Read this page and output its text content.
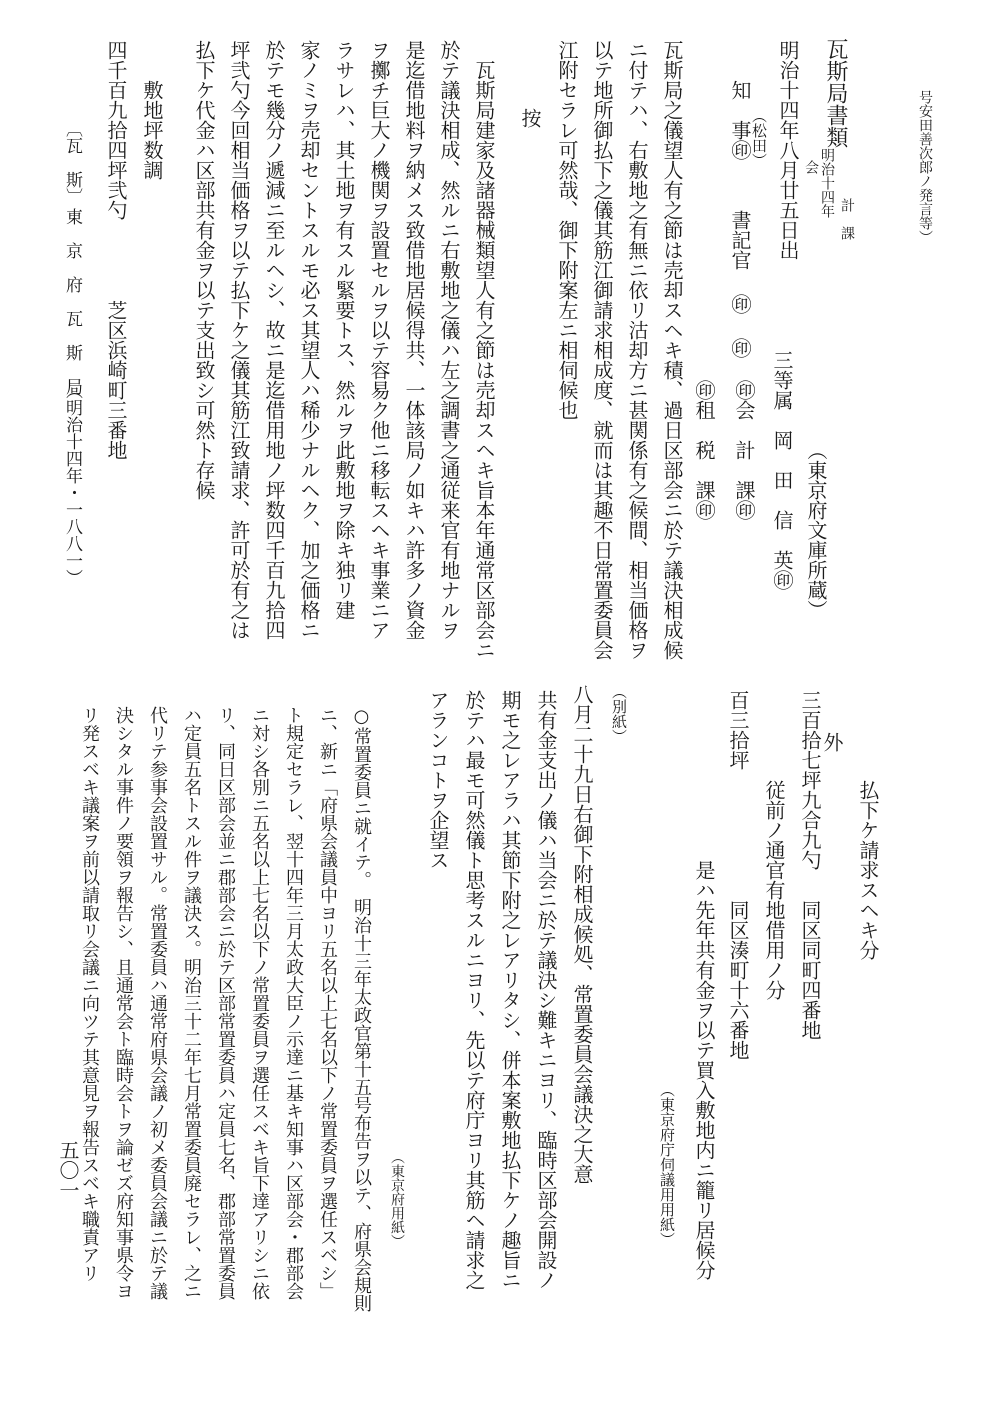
号安田善次郎ノ発言等）
瓦斯局書類
明治十四年
会
計　課
明治十四年八月廿五日出
知　事㊞
（松田）
書記官 ㊞ ㊞
三等属　岡　田　信　英㊞
㊞会　計　課㊞
㊞租　税　課㊞	（東京府文庫所蔵）
瓦斯局之儀望人有之節は売却スヘキ積、過日区部会ニ於テ議決相成候
ニ付テハ、右敷地之有無ニ依リ沽却方ニ甚関係有之候間、相当価格ヲ
以テ地所御払下之儀其筋江御請求相成度、就而は其趣不日常置委員会
江附セラレ可然哉、御下附案左ニ相伺候也
按
瓦斯局建家及諸器械類望人有之節は売却スヘキ旨本年通常区部会ニ
於テ議決相成、然ルニ右敷地之儀ハ左之調書之通従来官有地ナルヲ
是迄借地料ヲ納メス致借地居候得共、一体該局ノ如キハ許多ノ資金
ヲ擲チ巨大ノ機関ヲ設置セルヲ以テ容易ク他ニ移転スヘキ事業ニア
ラサレハ、其土地ヲ有スル緊要トス、然ルヲ此敷地ヲ除キ独リ建
家ノミヲ売却セントスルモ必ス其望人ハ稀少ナルヘク、加之価格ニ
於テモ幾分ノ遞減ニ至ルヘシ、故ニ是迄借用地ノ坪数四千百九拾四
坪弐勺今回相当価格ヲ以テ払下ケ之儀其筋江致請求、許可於有之は
払下ケ代金ハ区部共有金ヲ以テ支出致シ可然ト存候
敷地坪数調
四千百九拾四坪弐勺
芝区浜崎町三番地
〔瓦　斯〕
東　京　府　瓦　斯　局
（明治十四年・一八八一）
払下ケ請求スヘキ分
外
三百拾七坪九合九勺
同区同町四番地
従前ノ通官有地借用ノ分
百三拾坪
同区湊町十六番地
是ハ先年共有金ヲ以テ買入敷地内ニ籠リ居候分
（東京府庁伺議用用紙）
（別紙）
八月二十九日右御下附相成候処、常置委員会議決之大意
共有金支出ノ儀ハ当会ニ於テ議決シ難キニヨリ、臨時区部会開設ノ
期モ之レアラハ其節下附之レアリタシ、併本案敷地払下ケノ趣旨ニ
於テハ最モ可然儀ト思考スルニヨリ、先以テ府庁ヨリ其筋ヘ請求之
アランコトヲ企望ス
（東京府用紙）
○常置委員ニ就イテ。　明治十三年太政官第十五号布告ヲ以テ、府県会規則
ニ、新ニ「府県会議員中ヨリ五名以上七名以下ノ常置委員ヲ選任スベシ」
ト規定セラレ、翌十四年三月太政大臣ノ示達ニ基キ知事ハ区部会・郡部会
ニ対シ各別ニ五名以上七名以下ノ常置委員ヲ選任スベキ旨下達アリシニ依
リ、同日区部会並ニ郡部会ニ於テ区部常置委員ハ定員七名、郡部常置委員
ハ定員五名トスル件ヲ議決ス。明治三十二年七月常置委員廃セラレ、之ニ
代リテ参事会設置サル。常置委員ハ通常府県会議ノ初メ委員会議ニ於テ議
決シタル事件ノ要領ヲ報告シ、且通常会ト臨時会トヲ論ゼズ府知事県令ヨ
リ発スベキ議案ヲ前以請取リ会議ニ向ツテ其意見ヲ報告スベキ職責アリ
五〇一
